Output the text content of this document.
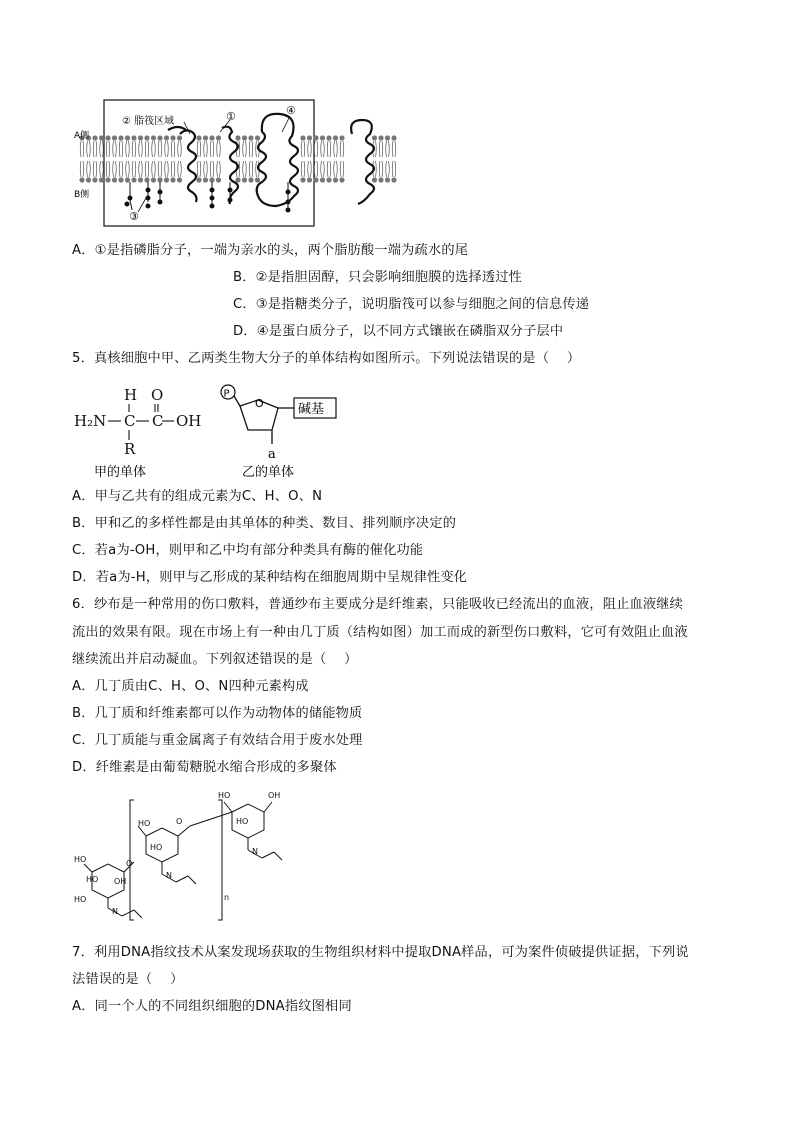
A侧
B侧
② 脂筏区域	①	④
③
A．①是指磷脂分子，一端为亲水的头，两个脂肪酸一端为疏水的尾
B．②是指胆固醇，只会影响细胞膜的选择透过性
C．③是指糖类分子，说明脂筏可以参与细胞之间的信息传递
D．④是蛋白质分子，以不同方式镶嵌在磷脂双分子层中
5．真核细胞中甲、乙两类生物大分子的单体结构如图所示。下列说法错误的是（　 ）
H
H₂N C C
O
OH
R
甲的单体
P
O	碱基
a
乙的单体
A．甲与乙共有的组成元素为C、H、O、N
B．甲和乙的多样性都是由其单体的种类、数目、排列顺序决定的
C．若a为-OH，则甲和乙中均有部分种类具有酶的催化功能
D．若a为-H，则甲与乙形成的某种结构在细胞周期中呈规律性变化
6．纱布是一种常用的伤口敷料，普通纱布主要成分是纤维素，只能吸收已经流出的血液，阻止血液继续
流出的效果有限。现在市场上有一种由几丁质（结构如图）加工而成的新型伤口敷料，它可有效阻止血液
继续流出并启动凝血。下列叙述错误的是（　 ）
A．几丁质由C、H、O、N四种元素构成
B．几丁质和纤维素都可以作为动物体的储能物质
C．几丁质能与重金属离子有效结合用于废水处理
D．纤维素是由葡萄糖脱水缩合形成的多聚体
HO
HO
HO
OH
O
N
HO
HO
O
N
n
HO	OH
HO
N
7．利用DNA指纹技术从案发现场获取的生物组织材料中提取DNA样品，可为案件侦破提供证据，下列说
法错误的是（　 ）
A．同一个人的不同组织细胞的DNA指纹图相同
